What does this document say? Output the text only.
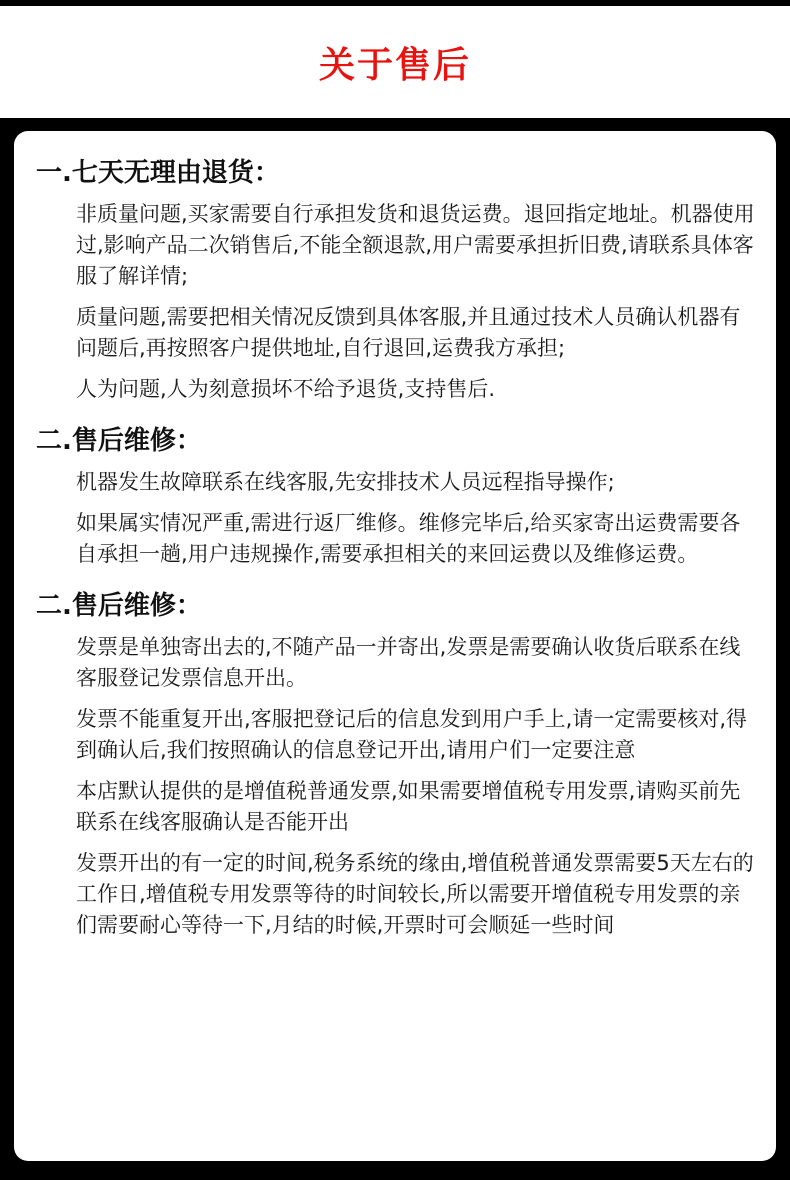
关于售后
一.七天无理由退货：

非质量问题,买家需要自行承担发货和退货运费。退回指定地址。机器使用过,影响产品二次销售后,不能全额退款,用户需要承担折旧费,请联系具体客服了解详情;

质量问题,需要把相关情况反馈到具体客服,并且通过技术人员确认机器有问题后,再按照客户提供地址,自行退回,运费我方承担;

人为问题,人为刻意损坏不给予退货,支持售后.

二.售后维修：

机器发生故障联系在线客服,先安排技术人员远程指导操作;

如果属实情况严重,需进行返厂维修。维修完毕后,给买家寄出运费需要各自承担一趟,用户违规操作,需要承担相关的来回运费以及维修运费。

二.售后维修：

发票是单独寄出去的,不随产品一并寄出,发票是需要确认收货后联系在线客服登记发票信息开出。

发票不能重复开出,客服把登记后的信息发到用户手上,请一定需要核对,得到确认后,我们按照确认的信息登记开出,请用户们一定要注意

本店默认提供的是增值税普通发票,如果需要增值税专用发票,请购买前先联系在线客服确认是否能开出

发票开出的有一定的时间,税务系统的缘由,增值税普通发票需要5天左右的工作日,增值税专用发票等待的时间较长,所以需要开增值税专用发票的亲们需要耐心等待一下,月结的时候,开票时可会顺延一些时间
